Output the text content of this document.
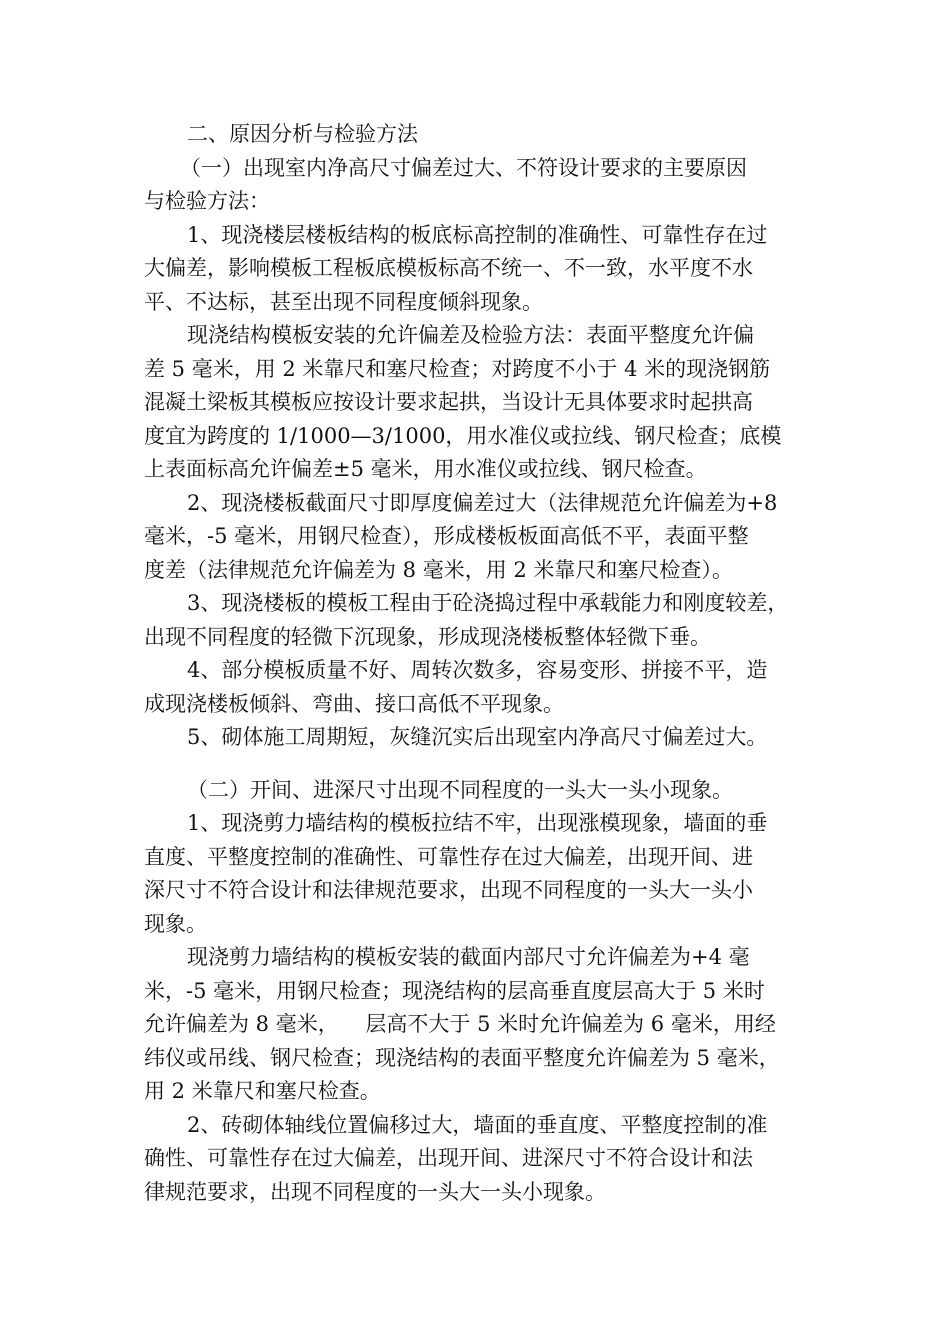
二、原因分析与检验方法
（一）出现室内净高尺寸偏差过大、不符设计要求的主要原因
与检验方法：
1、现浇楼层楼板结构的板底标高控制的准确性、可靠性存在过
大偏差，影响模板工程板底模板标高不统一、不一致，水平度不水
平、不达标，甚至出现不同程度倾斜现象。
现浇结构模板安装的允许偏差及检验方法：表面平整度允许偏
差 5 毫米，用 2 米靠尺和塞尺检查；对跨度不小于 4 米的现浇钢筋
混凝土梁板其模板应按设计要求起拱，当设计无具体要求时起拱高
度宜为跨度的 1/1000—3/1000，用水准仪或拉线、钢尺检查；底模
上表面标高允许偏差±5 毫米，用水准仪或拉线、钢尺检查。
2、现浇楼板截面尺寸即厚度偏差过大（法律规范允许偏差为+8
毫米，-5 毫米，用钢尺检查），形成楼板板面高低不平，表面平整
度差（法律规范允许偏差为 8 毫米，用 2 米靠尺和塞尺检查）。
3、现浇楼板的模板工程由于砼浇捣过程中承载能力和刚度较差，
出现不同程度的轻微下沉现象，形成现浇楼板整体轻微下垂。
4、部分模板质量不好、周转次数多，容易变形、拼接不平，造
成现浇楼板倾斜、弯曲、接口高低不平现象。
5、砌体施工周期短，灰缝沉实后出现室内净高尺寸偏差过大。
（二）开间、进深尺寸出现不同程度的一头大一头小现象。
1、现浇剪力墙结构的模板拉结不牢，出现涨模现象，墙面的垂
直度、平整度控制的准确性、可靠性存在过大偏差，出现开间、进
深尺寸不符合设计和法律规范要求，出现不同程度的一头大一头小
现象。
现浇剪力墙结构的模板安装的截面内部尺寸允许偏差为+4 毫
米，-5 毫米，用钢尺检查；现浇结构的层高垂直度层高大于 5 米时
允许偏差为 8 毫米，    层高不大于 5 米时允许偏差为 6 毫米，用经
纬仪或吊线、钢尺检查；现浇结构的表面平整度允许偏差为 5 毫米，
用 2 米靠尺和塞尺检查。
2、砖砌体轴线位置偏移过大，墙面的垂直度、平整度控制的准
确性、可靠性存在过大偏差，出现开间、进深尺寸不符合设计和法
律规范要求，出现不同程度的一头大一头小现象。
